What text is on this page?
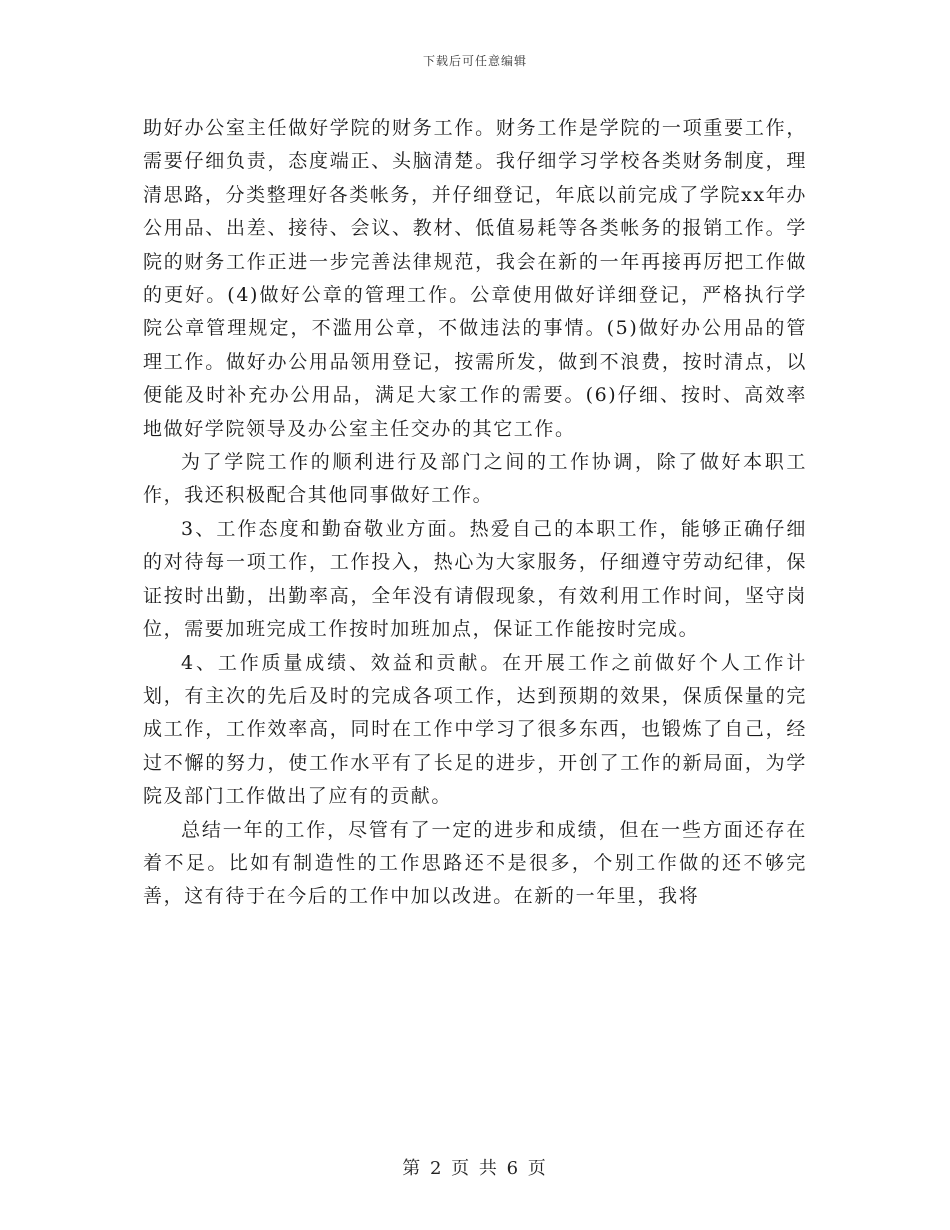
下载后可任意编辑

助好办公室主任做好学院的财务工作。财务工作是学院的一项重要工作，需要仔细负责，态度端正、头脑清楚。我仔细学习学校各类财务制度，理清思路，分类整理好各类帐务，并仔细登记，年底以前完成了学院xx年办公用品、出差、接待、会议、教材、低值易耗等各类帐务的报销工作。学院的财务工作正进一步完善法律规范，我会在新的一年再接再厉把工作做的更好。(4)做好公章的管理工作。公章使用做好详细登记，严格执行学院公章管理规定，不滥用公章，不做违法的事情。(5)做好办公用品的管理工作。做好办公用品领用登记，按需所发，做到不浪费，按时清点，以便能及时补充办公用品，满足大家工作的需要。(6)仔细、按时、高效率地做好学院领导及办公室主任交办的其它工作。

为了学院工作的顺利进行及部门之间的工作协调，除了做好本职工作，我还积极配合其他同事做好工作。

3、工作态度和勤奋敬业方面。热爱自己的本职工作，能够正确仔细的对待每一项工作，工作投入，热心为大家服务，仔细遵守劳动纪律，保证按时出勤，出勤率高，全年没有请假现象，有效利用工作时间，坚守岗位，需要加班完成工作按时加班加点，保证工作能按时完成。

4、工作质量成绩、效益和贡献。在开展工作之前做好个人工作计划，有主次的先后及时的完成各项工作，达到预期的效果，保质保量的完成工作，工作效率高，同时在工作中学习了很多东西，也锻炼了自己，经过不懈的努力，使工作水平有了长足的进步，开创了工作的新局面，为学院及部门工作做出了应有的贡献。

总结一年的工作，尽管有了一定的进步和成绩，但在一些方面还存在着不足。比如有制造性的工作思路还不是很多，个别工作做的还不够完善，这有待于在今后的工作中加以改进。在新的一年里，我将

第 2 页 共 6 页
